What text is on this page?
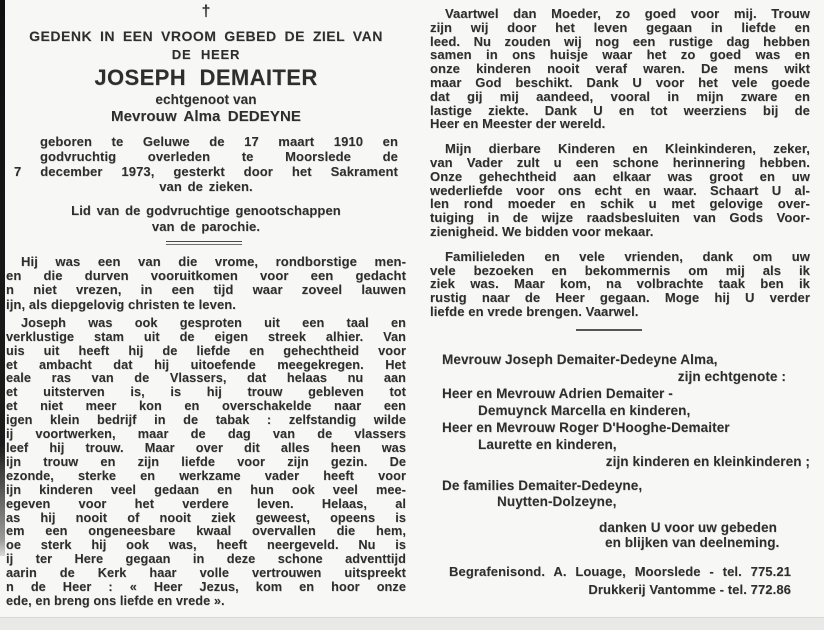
†
GEDENK IN EEN VROOM GEBED DE ZIEL VAN
DE HEER
JOSEPH DEMAITER
echtgenoot van
Mevrouw Alma DEDEYNE
geboren te Geluwe de 17 maart 1910 en
godvruchtig overleden te Moorslede de
7 december 1973, gesterkt door het Sakrament
van de zieken.
Lid van de godvruchtige genootschappen
van de parochie.
Hij was een van die vrome, rondborstige men-
en die durven vooruitkomen voor een gedacht
n niet vrezen, in een tijd waar zoveel lauwen
ijn, als diepgelovig christen te leven.
Joseph was ook gesproten uit een taal en
verklustige stam uit de eigen streek alhier. Van
uis uit heeft hij de liefde en gehechtheid voor
et ambacht dat hij uitoefende meegekregen. Het
eale ras van de Vlassers, dat helaas nu aan
et uitsterven is, is hij trouw gebleven tot
et niet meer kon en overschakelde naar een
igen klein bedrijf in de tabak : zelfstandig wilde
ij voortwerken, maar de dag van de vlassers
leef hij trouw. Maar over dit alles heen was
ijn trouw en zijn liefde voor zijn gezin. De
ezonde, sterke en werkzame vader heeft voor
ijn kinderen veel gedaan en hun ook veel mee-
egeven voor het verdere leven. Helaas, al
as hij nooit of nooit ziek geweest, opeens is
em een ongeneesbare kwaal overvallen die hem,
oe sterk hij ook was, heeft neergeveld. Nu is
ij ter Here gegaan in deze schone adventtijd
aarin de Kerk haar volle vertrouwen uitspreekt
n de Heer : « Heer Jezus, kom en hoor onze
ede, en breng ons liefde en vrede ».
Vaartwel dan Moeder, zo goed voor mij. Trouw
zijn wij door het leven gegaan in liefde en
leed. Nu zouden wij nog een rustige dag hebben
samen in ons huisje waar het zo goed was en
onze kinderen nooit veraf waren. De mens wikt
maar God beschikt. Dank U voor het vele goede
dat gij mij aandeed, vooral in mijn zware en
lastige ziekte. Dank U en tot weerziens bij de
Heer en Meester der wereld.
Mijn dierbare Kinderen en Kleinkinderen, zeker,
van Vader zult u een schone herinnering hebben.
Onze gehechtheid aan elkaar was groot en uw
wederliefde voor ons echt en waar. Schaart U al-
len rond moeder en schik u met gelovige over-
tuiging in de wijze raadsbesluiten van Gods Voor-
zienigheid. We bidden voor mekaar.
Familieleden en vele vrienden, dank om uw
vele bezoeken en bekommernis om mij als ik
ziek was. Maar kom, na volbrachte taak ben ik
rustig naar de Heer gegaan. Moge hij U verder
liefde en vrede brengen. Vaarwel.
Mevrouw Joseph Demaiter-Dedeyne Alma,
zijn echtgenote :
Heer en Mevrouw Adrien Demaiter -
Demuynck Marcella en kinderen,
Heer en Mevrouw Roger D'Hooghe-Demaiter
Laurette en kinderen,
zijn kinderen en kleinkinderen ;
De families Demaiter-Dedeyne,
Nuytten-Dolzeyne,
danken U voor uw gebeden
en blijken van deelneming.
Begrafenisond. A. Louage, Moorslede - tel. 775.21
Drukkerij Vantomme - tel. 772.86
